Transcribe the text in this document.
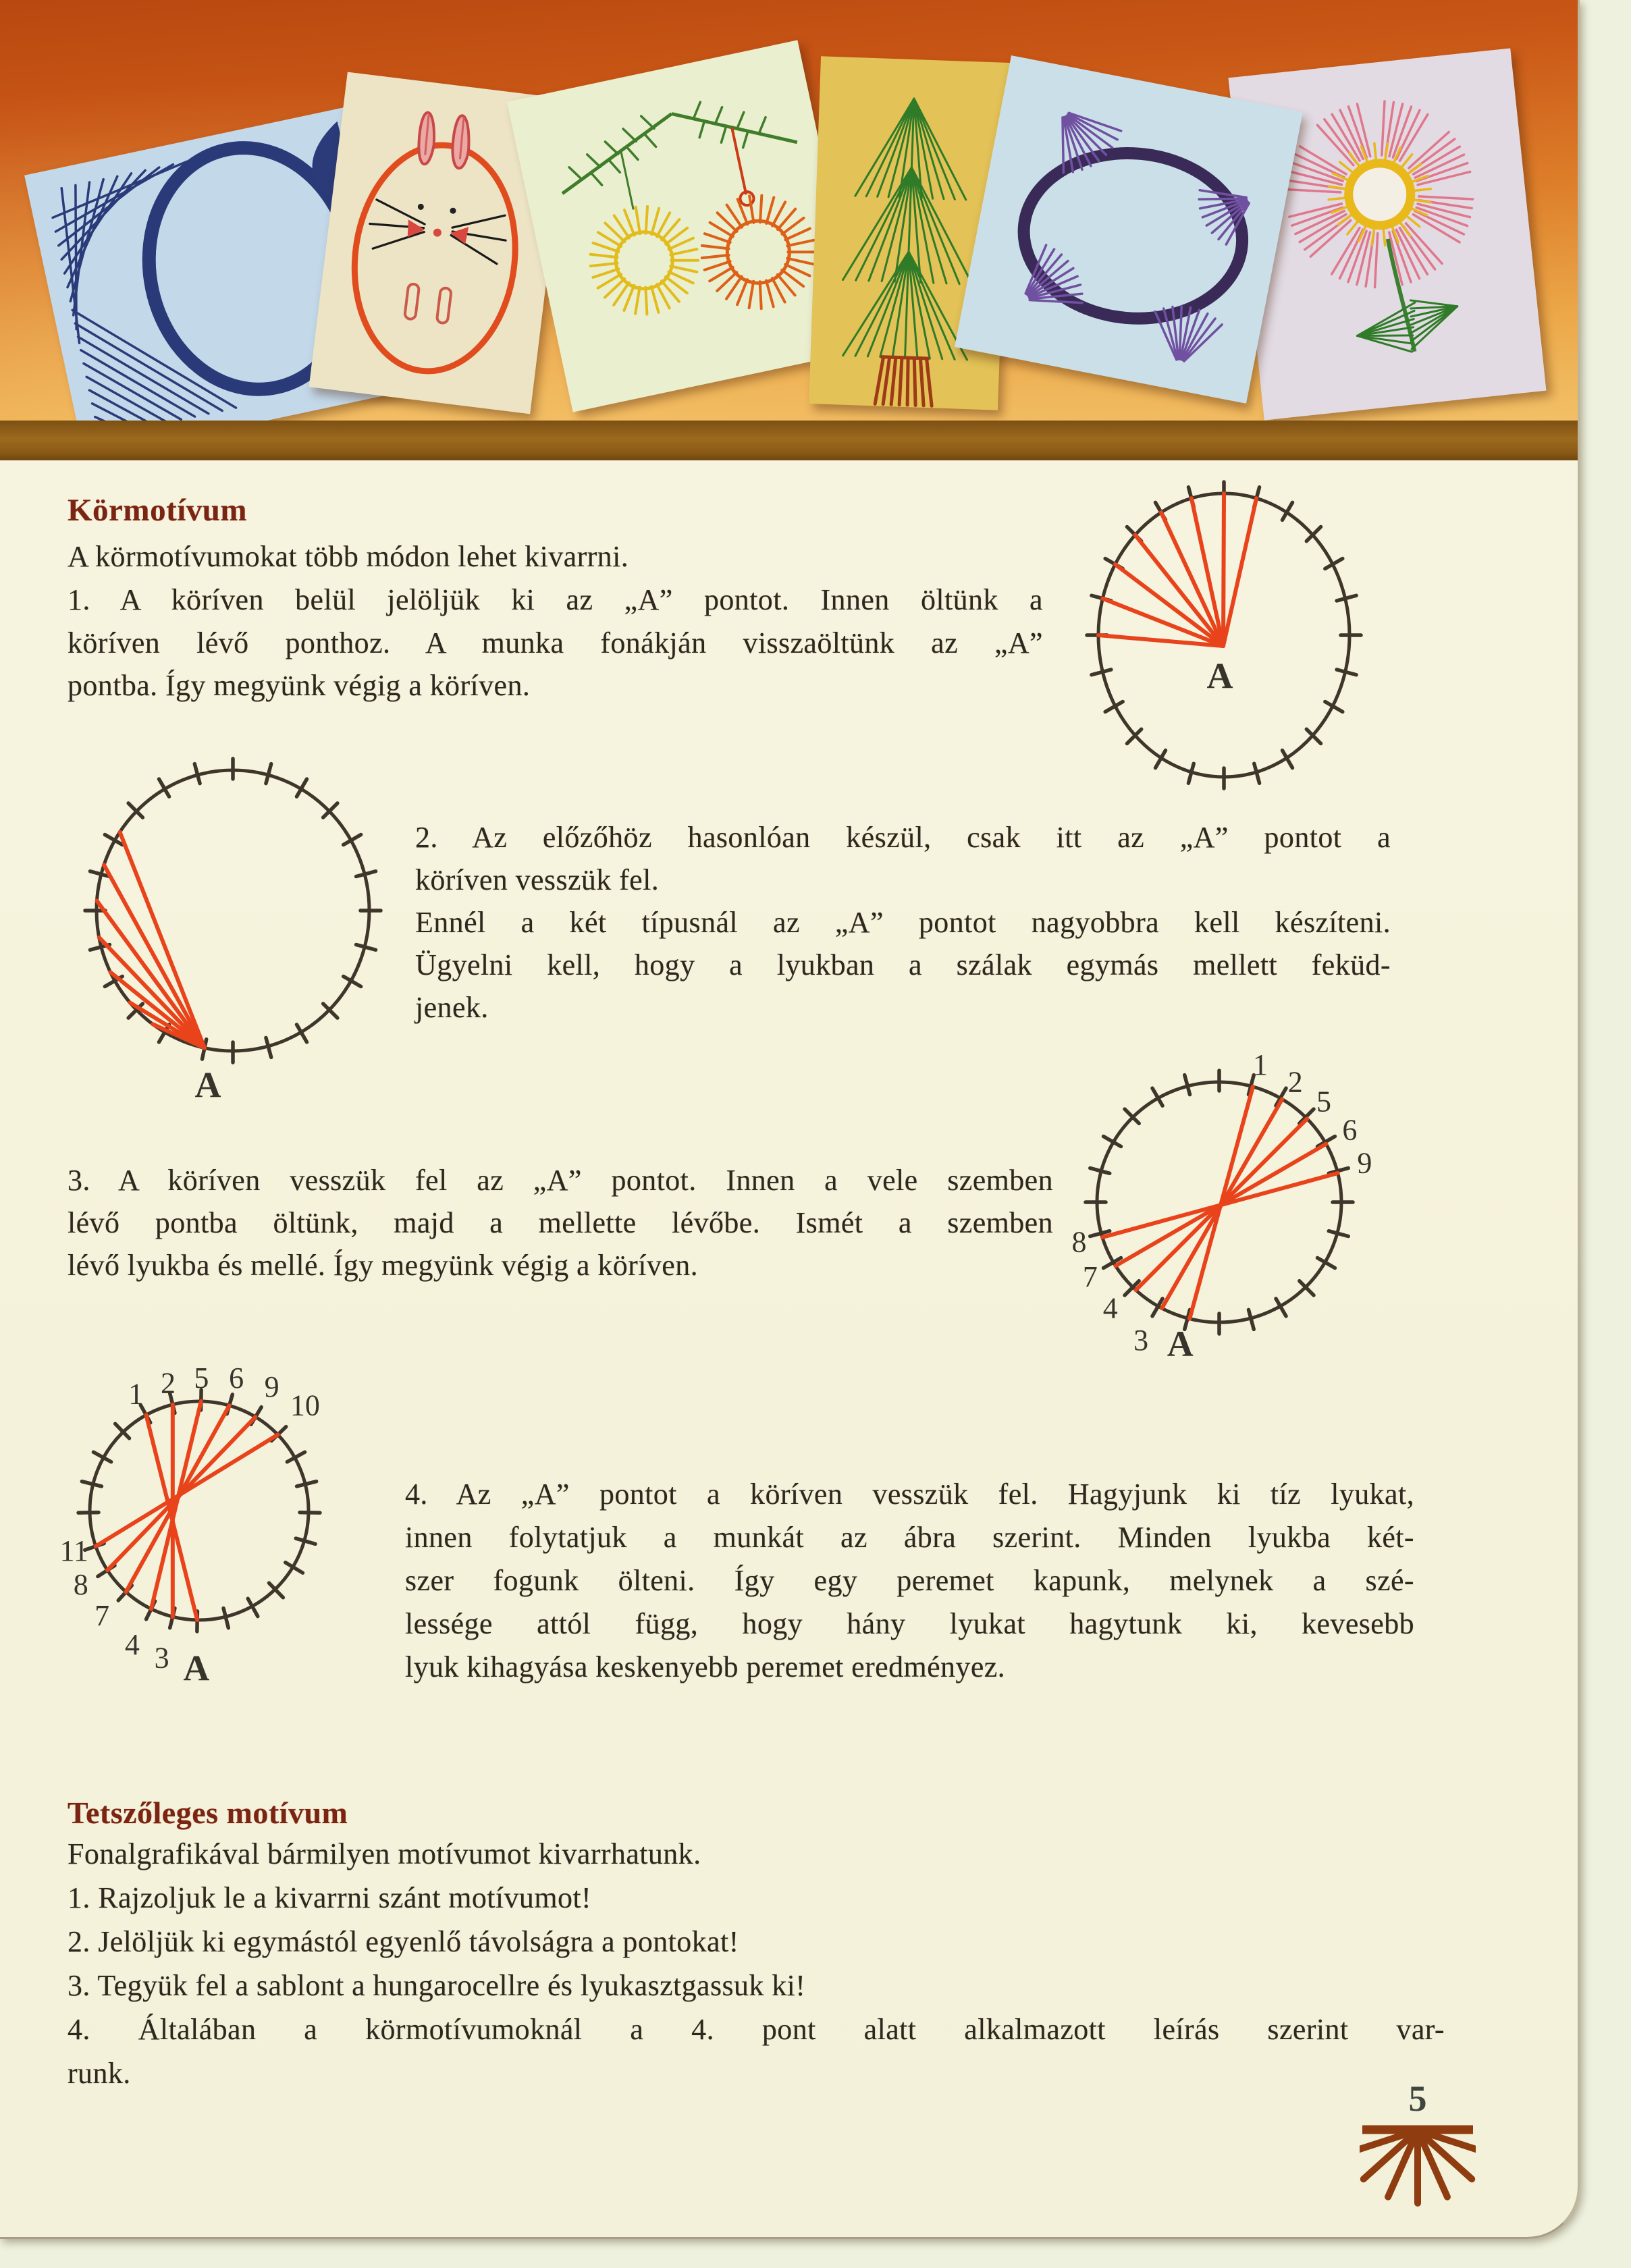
Körmotívum
A körmotívumokat több módon lehet kivarrni.
1. A köríven belül jelöljük ki az „A” pontot. Innen öltünk a
köríven lévő ponthoz. A munka fonákján visszaöltünk az „A”
pontba. Így megyünk végig a köríven.	A
A
2. Az előzőhöz hasonlóan készül, csak itt az „A” pontot a
köríven vesszük fel.
Ennél a két típusnál az „A” pontot nagyobbra kell készíteni.
Ügyelni kell, hogy a lyukban a szálak egymás mellett feküd-
jenek.
3. A köríven vesszük fel az „A” pontot. Innen a vele szemben
lévő pontba öltünk, majd a mellette lévőbe. Ismét a szemben
lévő lyukba és mellé. Így megyünk végig a köríven.
1
2
5
6
9
8
7
4
3 A
1 2 5 6 9
10
11
8
7
4 3 A
4. Az „A” pontot a köríven vesszük fel. Hagyjunk ki tíz lyukat,
innen folytatjuk a munkát az ábra szerint. Minden lyukba két-
szer fogunk ölteni. Így egy peremet kapunk, melynek a szé-
lessége attól függ, hogy hány lyukat hagytunk ki, kevesebb
lyuk kihagyása keskenyebb peremet eredményez.
Tetszőleges motívum
Fonalgrafikával bármilyen motívumot kivarrhatunk.
1. Rajzoljuk le a kivarrni szánt motívumot!
2. Jelöljük ki egymástól egyenlő távolságra a pontokat!
3. Tegyük fel a sablont a hungarocellre és lyukasztgassuk ki!
4. Általában a körmotívumoknál a 4. pont alatt alkalmazott leírás szerint var-
runk.
5
